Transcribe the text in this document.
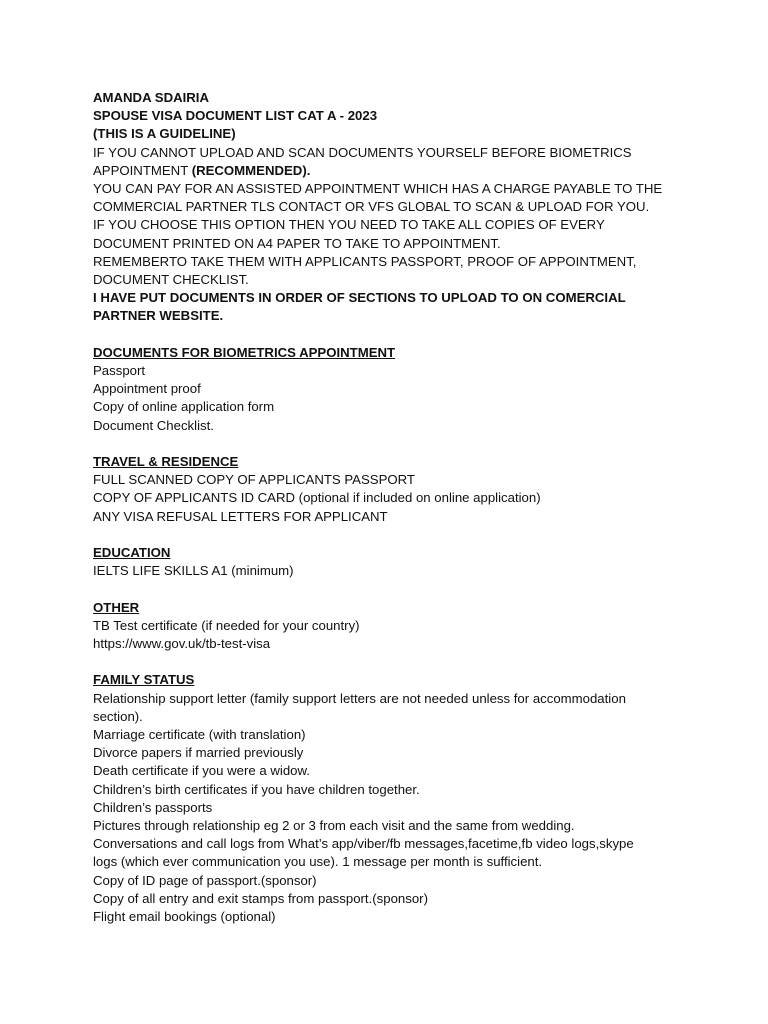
AMANDA SDAIRIA
SPOUSE VISA DOCUMENT LIST CAT A - 2023
(THIS IS A GUIDELINE)
IF YOU CANNOT UPLOAD AND SCAN DOCUMENTS YOURSELF BEFORE BIOMETRICS
APPOINTMENT (RECOMMENDED).
YOU CAN PAY FOR AN ASSISTED APPOINTMENT WHICH HAS A CHARGE PAYABLE TO THE
COMMERCIAL PARTNER TLS CONTACT OR VFS GLOBAL TO SCAN & UPLOAD FOR YOU.
IF YOU CHOOSE THIS OPTION THEN YOU NEED TO TAKE ALL COPIES OF EVERY
DOCUMENT PRINTED ON A4 PAPER TO TAKE TO APPOINTMENT.
REMEMBERTO TAKE THEM WITH APPLICANTS PASSPORT, PROOF OF APPOINTMENT,
DOCUMENT CHECKLIST.
I HAVE PUT DOCUMENTS IN ORDER OF SECTIONS TO UPLOAD TO ON COMERCIAL
PARTNER WEBSITE.
DOCUMENTS FOR BIOMETRICS APPOINTMENT
Passport
Appointment proof
Copy of online application form
Document Checklist.
TRAVEL & RESIDENCE
FULL SCANNED COPY OF APPLICANTS PASSPORT
COPY OF APPLICANTS ID CARD (optional if included on online application)
ANY VISA REFUSAL LETTERS FOR APPLICANT
EDUCATION
IELTS LIFE SKILLS A1 (minimum)
OTHER
TB Test certificate (if needed for your country)
https://www.gov.uk/tb-test-visa
FAMILY STATUS
Relationship support letter (family support letters are not needed unless for accommodation
section).
Marriage certificate (with translation)
Divorce papers if married previously
Death certificate if you were a widow.
Children’s birth certificates if you have children together.
Children’s passports
Pictures through relationship eg 2 or 3 from each visit and the same from wedding.
Conversations and call logs from What’s app/viber/fb messages,facetime,fb video logs,skype
logs (which ever communication you use). 1 message per month is sufficient.
Copy of ID page of passport.(sponsor)
Copy of all entry and exit stamps from passport.(sponsor)
Flight email bookings (optional)
